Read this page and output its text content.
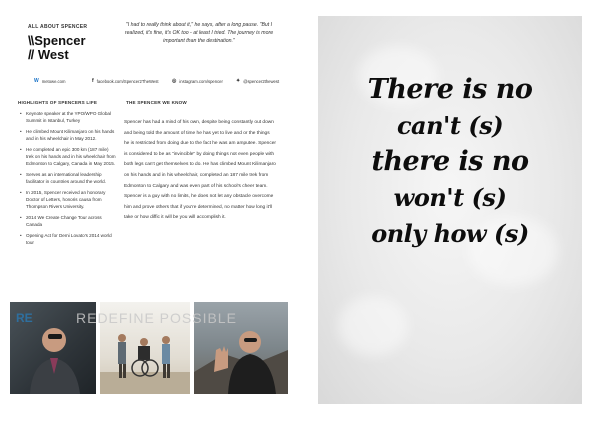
ALL ABOUT SPENCER
\\Spencer
// West
"I had to really think about it," he says, after a long pause. "But I realized, it's fine, it's OK too - at least I tried. The journey is more important than the destination."
W metowe.com	f facebook.com/Spencer2TheWest	◎ instagram.com/spencer	✦ @spencer2thewest
HIGHLIGHTS OF SPENCERS LIFE
• Keynote speaker at the YPO/WPO Global Summit in Istanbul, Turkey
• He climbed Mount Kilimanjaro on his hands and in his wheelchair in May 2012.
• He completed an epic 300 km (187 mile) trek on his hands and in his wheelchair from Edmonton to Calgary, Canada in May 2015.
• Serves as an international leadership facilitator in countries around the world.
• In 2015, Spencer received an honorary Doctor of Letters, honoris causa from Thompson Rivers University.
• 2014 We Create Change Tour across Canada
• Opening Act for Demi Lovato's 2014 world tour
THE SPENCER WE KNOW
Spencer has had a mind of his own, despite being constantly out down and being told the amount of time he has yet to live and or the things he is restricted from doing due to the fact he was am amputee. Spencer is considered to be as "invincible" by doing things not even people with both legs can't get themselves to do. He has climbed Mount Kilimanjaro on his hands and in his wheelchair, completed an 187 mile trek from Edmonton to Calgary and was even part of his school's cheer team. Spencer is a guy with no limits, he does not let any obstacle overcome him and prove others that if you're determined, no matter how long it'll take or how diffic it will be you will accomplish it.
RE	REDEFINE POSSIBLE
There is no
can't (s)
there is no
won't (s)
only how (s)
